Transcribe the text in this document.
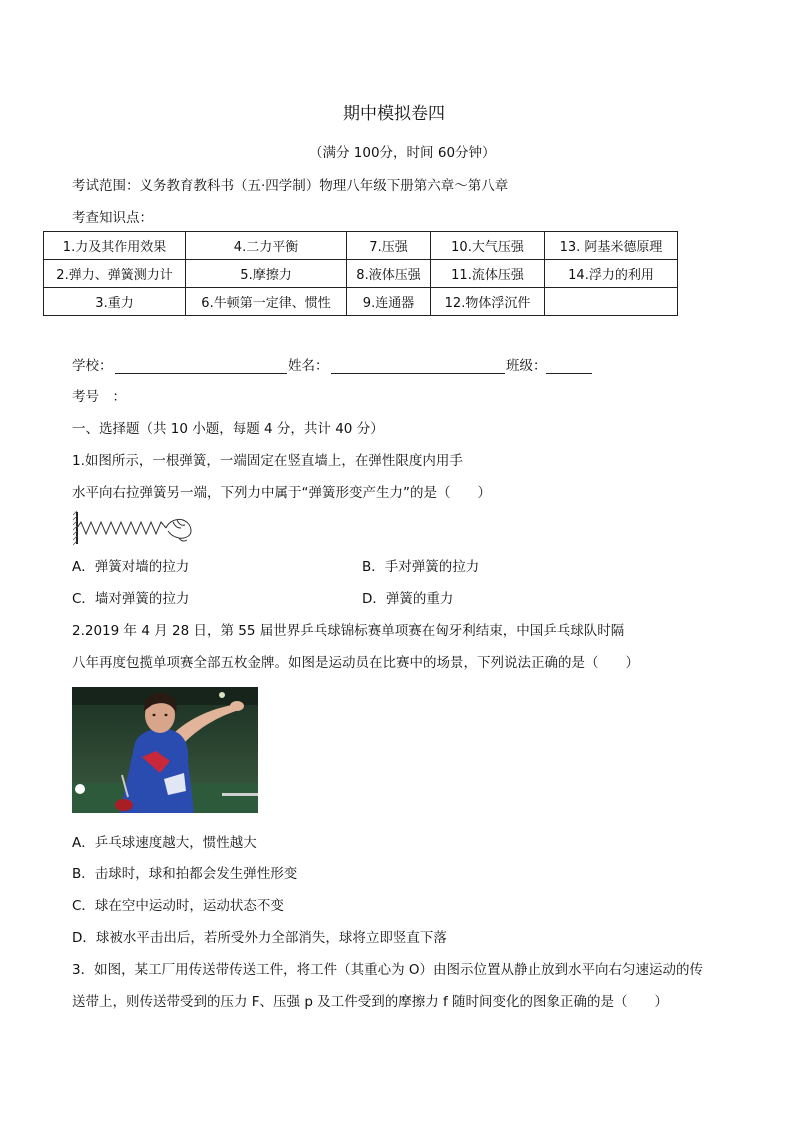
期中模拟卷四
（满分 100分，时间 60分钟）
考试范围：义务教育教科书（五·四学制）物理八年级下册第六章～第八章
考查知识点：
1.力及其作用效果	4.二力平衡	7.压强	10.大气压强	13. 阿基米德原理
2.弹力、弹簧测力计	5.摩擦力	8.液体压强	11.流体压强	14.浮力的利用
3.重力	6.牛顿第一定律、惯性	9.连通器	12.物体浮沉件	
学校：	姓名：	班级：
考号　：
一、选择题（共 10 小题，每题 4 分，共计 40 分）
1.如图所示，一根弹簧，一端固定在竖直墙上，在弹性限度内用手
水平向右拉弹簧另一端，下列力中属于“弹簧形变产生力”的是（　　）
A．弹簧对墙的拉力	B．手对弹簧的拉力
C．墙对弹簧的拉力	D．弹簧的重力
2.2019 年 4 月 28 日，第 55 届世界乒乓球锦标赛单项赛在匈牙利结束，中国乒乓球队时隔
八年再度包揽单项赛全部五枚金牌。如图是运动员在比赛中的场景，下列说法正确的是（　　）
A．乒乓球速度越大，惯性越大
B．击球时，球和拍都会发生弹性形变
C．球在空中运动时，运动状态不变
D．球被水平击出后，若所受外力全部消失，球将立即竖直下落
3．如图，某工厂用传送带传送工件，将工件（其重心为 O）由图示位置从静止放到水平向右匀速运动的传
送带上，则传送带受到的压力 F、压强 p 及工件受到的摩擦力 f 随时间变化的图象正确的是（　　）
